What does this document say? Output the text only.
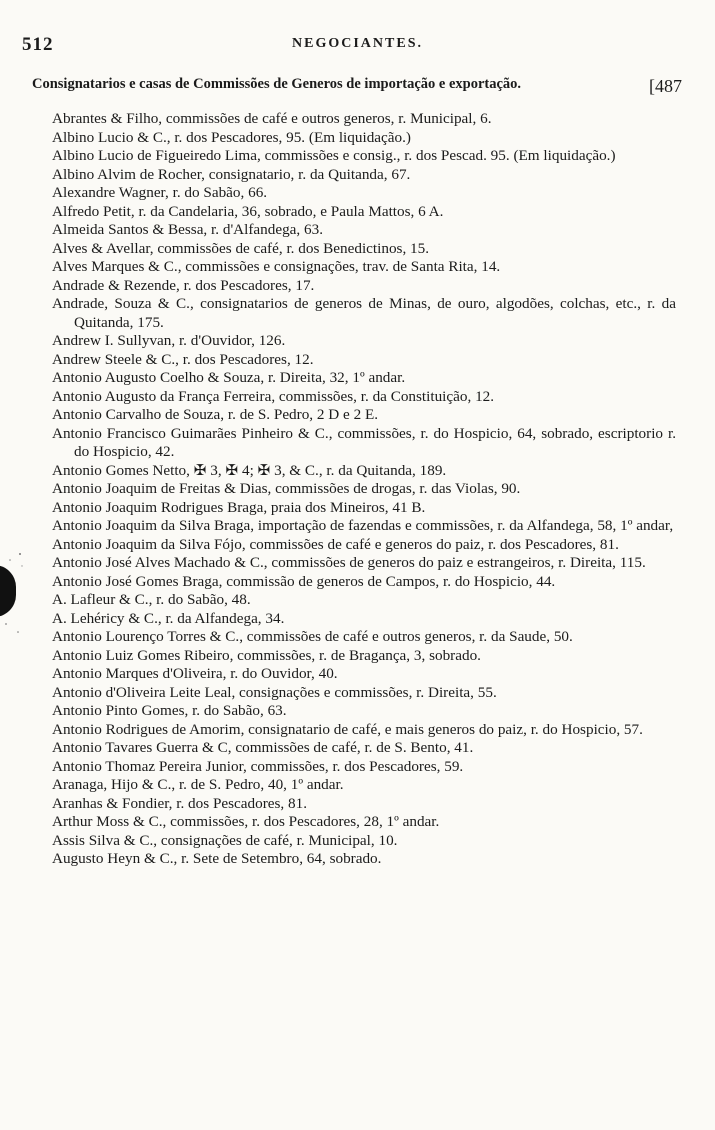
512	NEGOCIANTES.
Consignatarios e casas de Commissões de Generos de importação e exportação.	[487
Abrantes & Filho, commissões de café e outros generos, r. Municipal, 6.
Albino Lucio & C., r. dos Pescadores, 95. (Em liquidação.)
Albino Lucio de Figueiredo Lima, commissões e consig., r. dos Pescad. 95. (Em liquidação.)
Albino Alvim de Rocher, consignatario, r. da Quitanda, 67.
Alexandre Wagner, r. do Sabão, 66.
Alfredo Petit, r. da Candelaria, 36, sobrado, e Paula Mattos, 6 A.
Almeida Santos & Bessa, r. d'Alfandega, 63.
Alves & Avellar, commissões de café, r. dos Benedictinos, 15.
Alves Marques & C., commissões e consignações, trav. de Santa Rita, 14.
Andrade & Rezende, r. dos Pescadores, 17.
Andrade, Souza & C., consignatarios de generos de Minas, de ouro, algodões, colchas, etc., r. da Quitanda, 175.
Andrew I. Sullyvan, r. d'Ouvidor, 126.
Andrew Steele & C., r. dos Pescadores, 12.
Antonio Augusto Coelho & Souza, r. Direita, 32, 1º andar.
Antonio Augusto da França Ferreira, commissões, r. da Constituição, 12.
Antonio Carvalho de Souza, r. de S. Pedro, 2 D e 2 E.
Antonio Francisco Guimarães Pinheiro & C., commissões, r. do Hospicio, 64, sobrado, escriptorio r. do Hospicio, 42.
Antonio Gomes Netto, ✠ 3, ✠ 4; ✠ 3, & C., r. da Quitanda, 189.
Antonio Joaquim de Freitas & Dias, commissões de drogas, r. das Violas, 90.
Antonio Joaquim Rodrigues Braga, praia dos Mineiros, 41 B.
Antonio Joaquim da Silva Braga, importação de fazendas e commissões, r. da Alfandega, 58, 1º andar,
Antonio Joaquim da Silva Fójo, commissões de café e generos do paiz, r. dos Pescadores, 81.
Antonio José Alves Machado & C., commissões de generos do paiz e estrangeiros, r. Direita, 115.
Antonio José Gomes Braga, commissão de generos de Campos, r. do Hospicio, 44.
A. Lafleur & C., r. do Sabão, 48.
A. Lehéricy & C., r. da Alfandega, 34.
Antonio Lourenço Torres & C., commissões de café e outros generos, r. da Saude, 50.
Antonio Luiz Gomes Ribeiro, commissões, r. de Bragança, 3, sobrado.
Antonio Marques d'Oliveira, r. do Ouvidor, 40.
Antonio d'Oliveira Leite Leal, consignações e commissões, r. Direita, 55.
Antonio Pinto Gomes, r. do Sabão, 63.
Antonio Rodrigues de Amorim, consignatario de café, e mais generos do paiz, r. do Hospicio, 57.
Antonio Tavares Guerra & C, commissões de café, r. de S. Bento, 41.
Antonio Thomaz Pereira Junior, commissões, r. dos Pescadores, 59.
Aranaga, Hijo & C., r. de S. Pedro, 40, 1º andar.
Aranhas & Fondier, r. dos Pescadores, 81.
Arthur Moss & C., commissões, r. dos Pescadores, 28, 1º andar.
Assis Silva & C., consignações de café, r. Municipal, 10.
Augusto Heyn & C., r. Sete de Setembro, 64, sobrado.
